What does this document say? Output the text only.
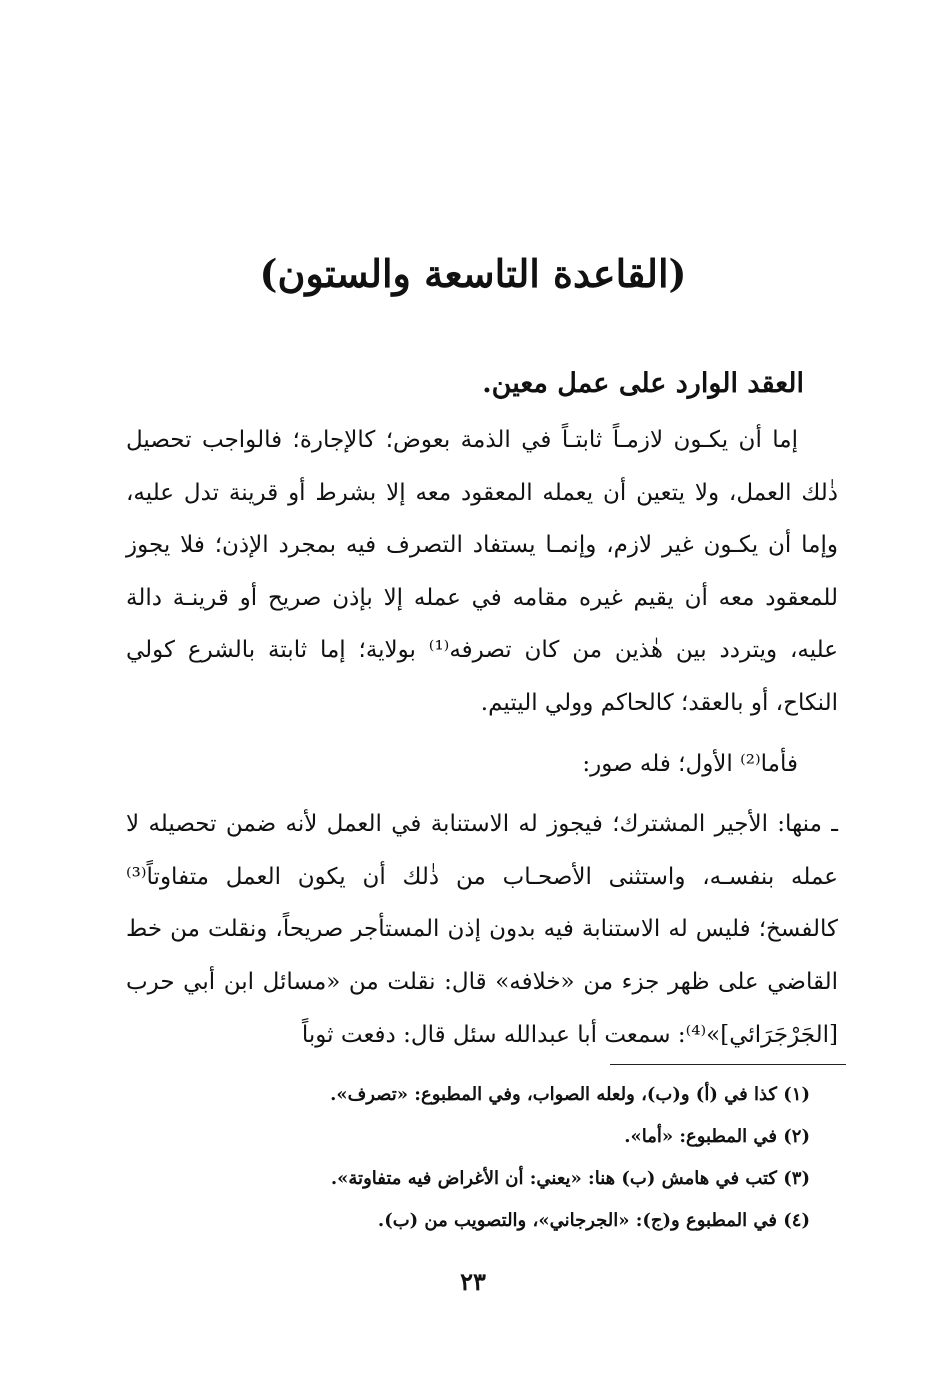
(القاعدة التاسعة والستون)

العقد الوارد على عمل معين.

إما أن يكـون لازمـاً ثابتـاً في الذمة بعوض؛ كالإجارة؛ فالواجب تحصيل ذٰلك العمل، ولا يتعين أن يعمله المعقود معه إلا بشرط أو قرينة تدل عليه، وإما أن يكـون غير لازم، وإنمـا يستفاد التصرف فيه بمجرد الإذن؛ فلا يجوز للمعقود معه أن يقيم غيره مقامه في عمله إلا بإذن صريح أو قرينـة دالة عليه، ويتردد بين هٰذين من كان تصرفه⁽¹⁾ بولاية؛ إما ثابتة بالشرع كولي النكاح، أو بالعقد؛ كالحاكم وولي اليتيم.

فأما⁽²⁾ الأول؛ فله صور:

ـ منها: الأجير المشترك؛ فيجوز له الاستنابة في العمل لأنه ضمن تحصيله لا عمله بنفسـه، واستثنى الأصحـاب من ذٰلك أن يكون العمل متفاوتاً⁽³⁾ كالفسخ؛ فليس له الاستنابة فيه بدون إذن المستأجر صريحاً، ونقلت من خط القاضي على ظهر جزء من «خلافه» قال: نقلت من «مسائل ابن أبي حرب [الجَرْجَرَائي]»⁽⁴⁾: سمعت أبا عبدالله سئل قال: دفعت ثوباً

(١) كذا في (أ) و(ب)، ولعله الصواب، وفي المطبوع: «تصرف».

(٢) في المطبوع: «أما».

(٣) كتب في هامش (ب) هنا: «يعني: أن الأغراض فيه متفاوتة».

(٤) في المطبوع و(ج): «الجرجاني»، والتصويب من (ب).

٢٣
